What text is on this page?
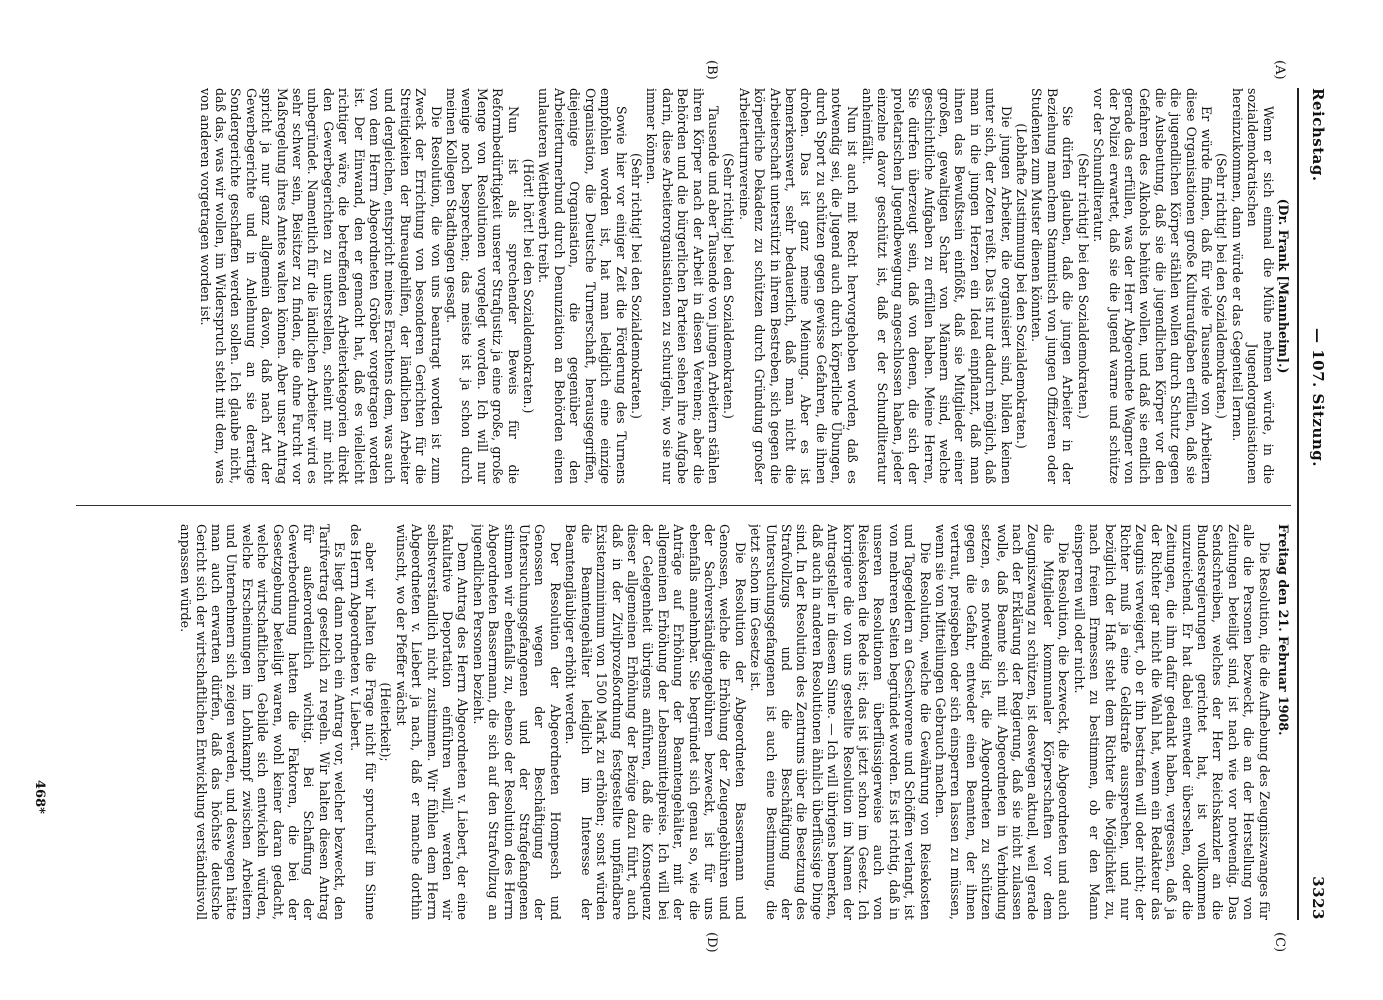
Reichstag.
— 107. Sitzung.
3323
(A)
(B)
(C)
(D)

(Dr. Frank [Mannheim].)

Wenn er sich einmal die Mühe nehmen würde, in die sozialdemokratischen Jugendorganisationen hereinzukommen, dann würde er das Gegenteil lernen.

(Sehr richtig! bei den Sozialdemokraten.)

Er würde finden, daß für viele Tausende von Arbeitern diese Organisationen große Kulturaufgaben erfüllen, daß sie die jugendlichen Körper stählen wollen durch Schutz gegen die Ausbeutung, daß sie die jugendlichen Körper vor den Gefahren des Alkohols behüten wollen, und daß sie endlich gerade das erfüllen, was der Herr Abgeordnete Wagner von der Polizei erwartet, daß sie die Jugend warne und schütze vor der Schundliteratur.

(Sehr richtig! bei den Sozialdemokraten.)

Sie dürfen glauben, daß die jungen Arbeiter in der Beziehung manchem Stammtisch von jungen Offizieren oder Studenten zum Muster dienen könnten.

(Lebhafte Zustimmung bei den Sozialdemokraten.)

Die jungen Arbeiter, die organisiert sind, bilden keinen unter sich, der Zoten reißt. Das ist nur dadurch möglich, daß man in die jungen Herzen ein Ideal einpflanzt, daß man ihnen das Bewußtsein einflößt, daß sie Mitglieder einer großen, gewaltigen Schar von Männern sind, welche geschichtliche Aufgaben zu erfüllen haben. Meine Herren, Sie dürfen überzeugt sein, daß von denen, die sich der proletarischen Jugendbewegung angeschlossen haben, jeder einzelne davor geschützt ist, daß er der Schundliteratur anheimfällt.

Nun ist auch mit Recht hervorgehoben worden, daß es notwendig sei, die Jugend auch durch körperliche Übungen, durch Sport zu schützen gegen gewisse Gefahren, die ihnen drohen. Das ist ganz meine Meinung. Aber es ist bemerkenswert, sehr bedauerlich, daß man nicht die Arbeiterschaft unterstützt in ihrem Bestreben, sich gegen die körperliche Dekadenz zu schützen durch Gründung großer Arbeiterturnvereine.

(Sehr richtig! bei den Sozialdemokraten.)

Tausende und aber Tausende von jungen Arbeitern stählen ihren Körper nach der Arbeit in diesen Vereinen; aber die Behörden und die bürgerlichen Parteien sehen ihre Aufgabe darin, diese Arbeiterorganisationen zu schurigeln, wo sie nur immer können.

(Sehr richtig! bei den Sozialdemokraten.)

Sowie hier vor einiger Zeit die Förderung des Turnens empfohlen worden ist, hat man lediglich eine einzige Organisation, die Deutsche Turnerschaft, herausgegriffen, diejenige Organisation, die gegenüber den Arbeiterturnerbund durch Denunziation an Behörden einen unlauteren Wettbewerb treibt.

(Hört! hört! bei den Sozialdemokraten.)

Nun ist als sprechender Beweis für die Reformbedürftigkeit unserer Strafjustiz ja eine große, große Menge von Resolutionen vorgelegt worden. Ich will nur wenige noch besprechen; das meiste ist ja schon durch meinen Kollegen Stadthagen gesagt.

Die Resolution, die von uns beantragt worden ist zum Zweck der Errichtung von besonderen Gerichten für die Streitigkeiten der Bureaugehilfen, der ländlichen Arbeiter und dergleichen, entspricht meines Erachtens dem, was auch von dem Herrn Abgeordneten Gröber vorgetragen worden ist. Der Einwand, den er gemacht hat, daß es vielleicht richtiger wäre, die betreffenden Arbeiterkategorien direkt den Gewerbegerichten zu unterstellen, scheint mir nicht unbegründet. Namentlich für die ländlichen Arbeiter wird es sehr schwer sein, Beisitzer zu finden, die ohne Furcht vor Maßregelung ihres Amtes walten können. Aber unser Antrag spricht ja nur ganz allgemein davon, daß nach Art der Gewerbegerichte und in Anlehnung an sie derartige Sondergerichte geschaffen werden sollen. Ich glaube nicht, daß das, was wir wollen, im Widerspruch steht mit dem, was von anderen vorgetragen worden ist.

Freitag den 21. Februar 1908.

Die Resolution, die die Aufhebung des Zeugniszwanges für alle die Personen bezweckt, die an der Herstellung von Zeitungen beteiligt sind, ist nach wie vor notwendig. Das Sendschreiben, welches der Herr Reichskanzler an die Bundesregierungen gerichtet hat, ist vollkommen unzureichend. Er hat dabei entweder übersehen, oder die Zeitungen, die ihm dafür gedankt haben, vergessen, daß ja der Richter gar nicht die Wahl hat, wenn ein Redakteur das Zeugnis verweigert, ob er ihn bestrafen will oder nicht; der Richter muß ja eine Geldstrafe aussprechen, und nur bezüglich der Haft steht dem Richter die Möglichkeit zu, nach freiem Ermessen zu bestimmen, ob er den Mann einsperren will oder nicht.

Die Resolution, die bezweckt, die Abgeordneten und auch die Mitglieder kommunaler Körperschaften vor dem Zeugniszwang zu schützen, ist deswegen aktuell, weil gerade nach der Erklärung der Regierung, daß sie nicht zulassen wolle, daß Beamte sich mit Abgeordneten in Verbindung setzen, es notwendig ist, die Abgeordneten zu schützen gegen die Gefahr, entweder einen Beamten, der ihnen vertraut, preisgeben oder sich einsperren lassen zu müssen, wenn sie von Mitteilungen Gebrauch machen.

Die Resolution, welche die Gewährung von Reisekosten und Tagegeldern an Geschworene und Schöffen verlangt, ist von mehreren Seiten begründet worden. Es ist richtig, daß in unseren Resolutionen überflüssigerweise auch von Reisekosten die Rede ist; das ist jetzt schon im Gesetz. Ich korrigiere die von uns gestellte Resolution im Namen der Antragsteller in diesem Sinne. — Ich will übrigens bemerken, daß auch in anderen Resolutionen ähnlich überflüssige Dinge sind. In der Resolution des Zentrums über die Besetzung des Strafvollzugs und die Beschäftigung der Untersuchungsgefangenen ist auch eine Bestimmung, die jetzt schon im Gesetze ist.

Die Resolution der Abgeordneten Bassermann und Genossen, welche die Erhöhung der Zeugengebühren und der Sachverständigengebühren bezweckt, ist für uns ebenfalls annehmbar. Sie begründet sich genau so, wie die Anträge auf Erhöhung der Beamtengehälter, mit der allgemeinen Erhöhung der Lebensmittelpreise. Ich will bei der Gelegenheit übrigens anführen, daß die Konsequenz dieser allgemeinen Erhöhung der Bezüge dazu führt, auch daß in der Zivilprozeßordnung festgestellte unpfändbare Existenzminimum von 1500 Mark zu erhöhen; sonst würden die Beamtengehälter lediglich im Interesse der Beamtengläubiger erhöht werden.

Der Resolution der Abgeordneten Hompesch und Genossen wegen der Beschäftigung der Untersuchungsgefangenen und der Strafgefangenen stimmen wir ebenfalls zu, ebenso der Resolution des Herrn Abgeordneten Bassermann, die sich auf den Strafvollzug an jugendlichen Personen bezieht.

Dem Antrag des Herrn Abgeordneten v. Liebert, der eine fakultative Deportation einführen will, werden wir selbstverständlich nicht zustimmen. Wir fühlen dem Herrn Abgeordneten v. Liebert ja nach, daß er manche dorthin wünscht, wo der Pfeffer wächst

(Heiterkeit);

aber wir halten die Frage nicht für spruchreif im Sinne des Herrn Abgeordneten v. Liebert.

Es liegt dann noch ein Antrag vor, welcher bezweckt, den Tarifvertrag gesetzlich zu regeln. Wir halten diesen Antrag für außerordentlich wichtig. Bei Schaffung der Gewerbeordnung hatten die Faktoren, die bei der Gesetzgebung beteiligt waren, wohl keiner daran gedacht, welche wirtschaftlichen Gebilde sich entwickeln würden, welche Erscheinungen im Lohnkampf zwischen Arbeitern und Unternehmern sich zeigen werden, und deswegen hätte man auch erwarten dürfen, daß das höchste deutsche Gericht sich der wirtschaftlichen Entwicklung verständnisvoll anpassen würde.

468*
